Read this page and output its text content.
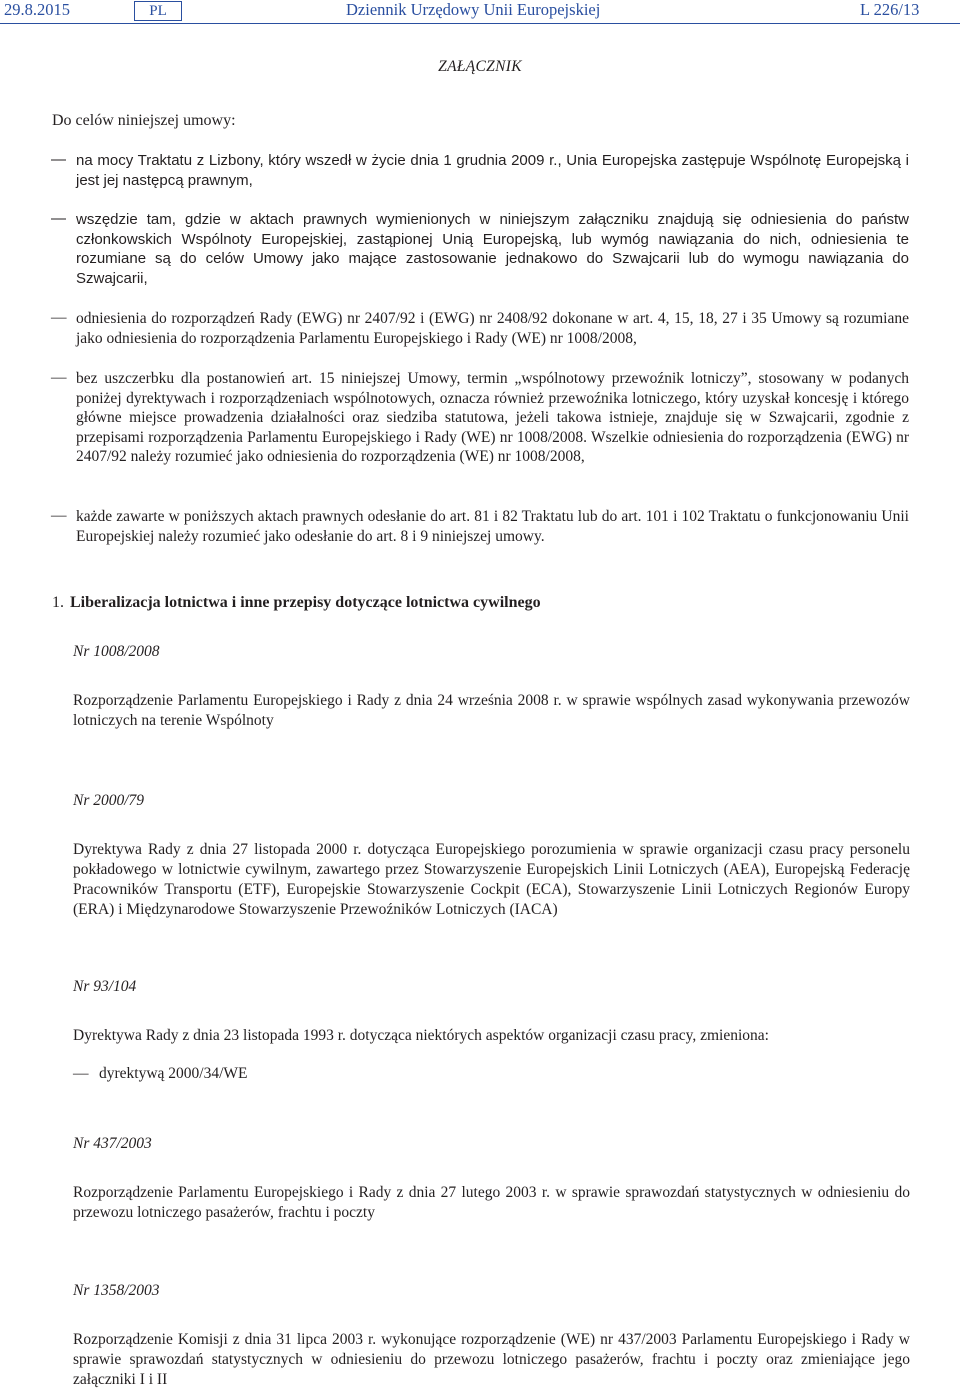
29.8.2015	PL	Dziennik Urzędowy Unii Europejskiej	L 226/13
ZAŁĄCZNIK
Do celów niniejszej umowy:
— na mocy Traktatu z Lizbony, który wszedł w życie dnia 1 grudnia 2009 r., Unia Europejska zastępuje Wspólnotę Europejską i jest jej następcą prawnym,
— wszędzie tam, gdzie w aktach prawnych wymienionych w niniejszym załączniku znajdują się odniesienia do państw członkowskich Wspólnoty Europejskiej, zastąpionej Unią Europejską, lub wymóg nawiązania do nich, odniesienia te rozumiane są do celów Umowy jako mające zastosowanie jednakowo do Szwajcarii lub do wymogu nawiązania do Szwajcarii,
— odniesienia do rozporządzeń Rady (EWG) nr 2407/92 i (EWG) nr 2408/92 dokonane w art. 4, 15, 18, 27 i 35 Umowy są rozumiane jako odniesienia do rozporządzenia Parlamentu Europejskiego i Rady (WE) nr 1008/2008,
— bez uszczerbku dla postanowień art. 15 niniejszej Umowy, termin „wspólnotowy przewoźnik lotniczy”, stosowany w podanych poniżej dyrektywach i rozporządzeniach wspólnotowych, oznacza również przewoźnika lotniczego, który uzyskał koncesję i którego główne miejsce prowadzenia działalności oraz siedziba statutowa, jeżeli takowa istnieje, znajduje się w Szwajcarii, zgodnie z przepisami rozporządzenia Parlamentu Europejskiego i Rady (WE) nr 1008/2008. Wszelkie odniesienia do rozporządzenia (EWG) nr 2407/92 należy rozumieć jako odniesienia do rozporządzenia (WE) nr 1008/2008,
— każde zawarte w poniższych aktach prawnych odesłanie do art. 81 i 82 Traktatu lub do art. 101 i 102 Traktatu o funkcjonowaniu Unii Europejskiej należy rozumieć jako odesłanie do art. 8 i 9 niniejszej umowy.
1. Liberalizacja lotnictwa i inne przepisy dotyczące lotnictwa cywilnego
Nr 1008/2008
Rozporządzenie Parlamentu Europejskiego i Rady z dnia 24 września 2008 r. w sprawie wspólnych zasad wykonywania przewozów lotniczych na terenie Wspólnoty
Nr 2000/79
Dyrektywa Rady z dnia 27 listopada 2000 r. dotycząca Europejskiego porozumienia w sprawie organizacji czasu pracy personelu pokładowego w lotnictwie cywilnym, zawartego przez Stowarzyszenie Europejskich Linii Lotniczych (AEA), Europejską Federację Pracowników Transportu (ETF), Europejskie Stowarzyszenie Cockpit (ECA), Stowarzyszenie Linii Lotniczych Regionów Europy (ERA) i Międzynarodowe Stowarzyszenie Przewoźników Lotniczych (IACA)
Nr 93/104
Dyrektywa Rady z dnia 23 listopada 1993 r. dotycząca niektórych aspektów organizacji czasu pracy, zmieniona:
— dyrektywą 2000/34/WE
Nr 437/2003
Rozporządzenie Parlamentu Europejskiego i Rady z dnia 27 lutego 2003 r. w sprawie sprawozdań statystycznych w odniesieniu do przewozu lotniczego pasażerów, frachtu i poczty
Nr 1358/2003
Rozporządzenie Komisji z dnia 31 lipca 2003 r. wykonujące rozporządzenie (WE) nr 437/2003 Parlamentu Europejskiego i Rady w sprawie sprawozdań statystycznych w odniesieniu do przewozu lotniczego pasażerów, frachtu i poczty oraz zmieniające jego załączniki I i II
